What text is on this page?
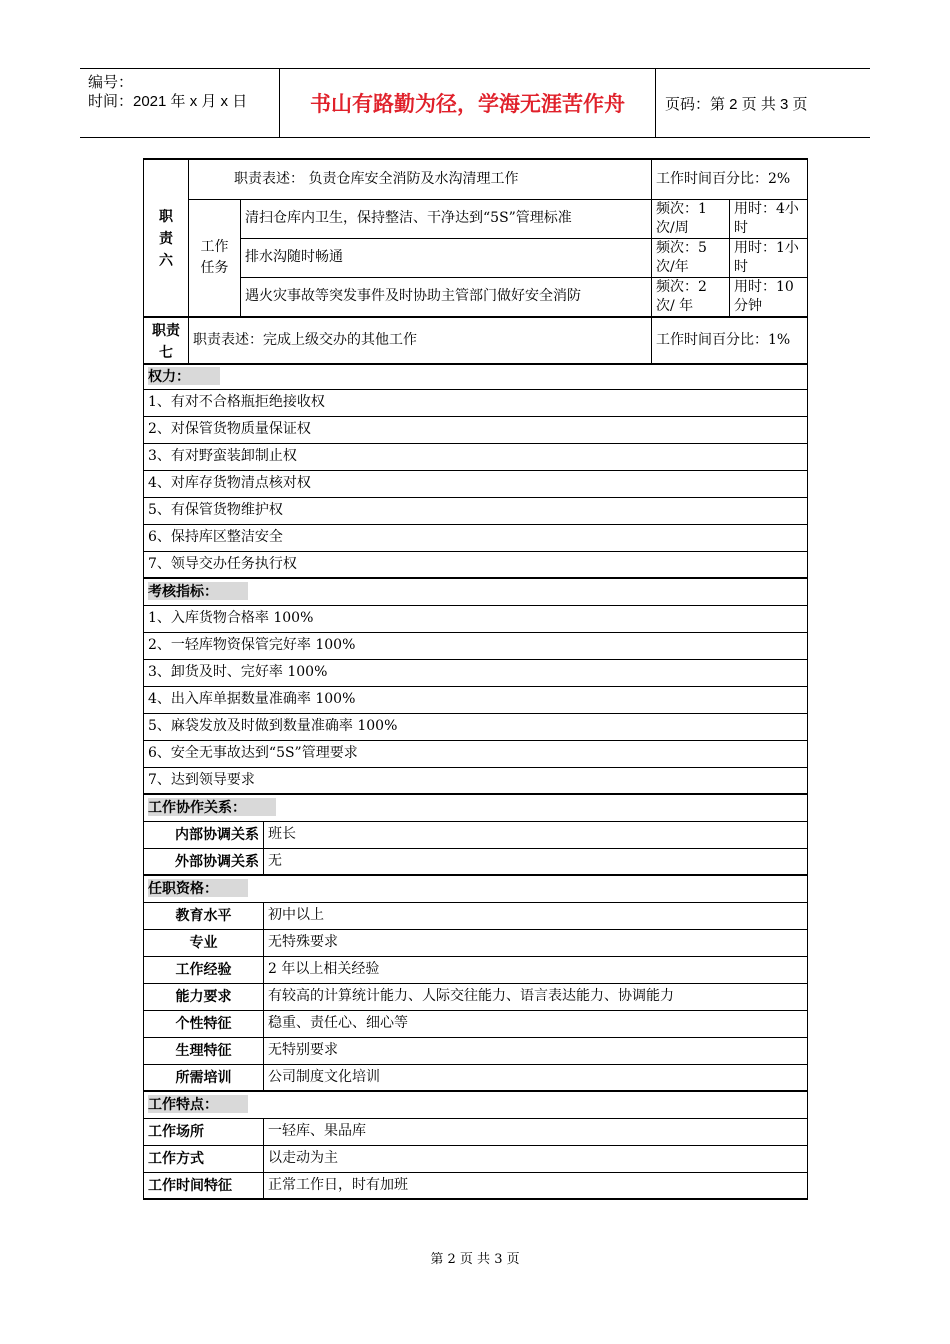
编号：
时间：2021 年 x 月 x 日	书山有路勤为径，学海无涯苦作舟	页码：第 2 页 共 3 页
职责六	职责表述： 负责仓库安全消防及水沟清理工作			工作时间百分比：2%	

	工作任务	清扫仓库内卫生，保持整洁、干净达到“5S”管理标准		频次：1次/周	用时：4小时
		排水沟随时畅通		频次：5次/年	用时：1小时
		遇火灾事故等突发事件及时协助主管部门做好安全消防		频次：2次/ 年	用时：10分钟

职责七	职责表述：完成上级交办的其他工作			工作时间百分比：1%	
权力：					
1、有对不合格瓶拒绝接收权					
2、对保管货物质量保证权					
3、有对野蛮装卸制止权					
4、对库存货物清点核对权					
5、有保管货物维护权					
6、保持库区整洁安全					
7、领导交办任务执行权					
考核指标：					
1、入库货物合格率 100%					
2、一轻库物资保管完好率 100%					
3、卸货及时、完好率 100%					
4、出入库单据数量准确率 100%					
5、麻袋发放及时做到数量准确率 100%					
6、安全无事故达到“5S”管理要求					
7、达到领导要求					
工作协作关系：					
内部协调关系			班长		
外部协调关系			无		
任职资格：					
教育水平			初中以上		
专业			无特殊要求		
工作经验			2 年以上相关经验		
能力要求			有较高的计算统计能力、人际交往能力、语言表达能力、协调能力		
个性特征			稳重、责任心、细心等		
生理特征			无特别要求		
所需培训			公司制度文化培训		
工作特点：					
工作场所			一轻库、果品库		
工作方式			以走动为主		
工作时间特征			正常工作日，时有加班		
第 2 页 共 3 页
